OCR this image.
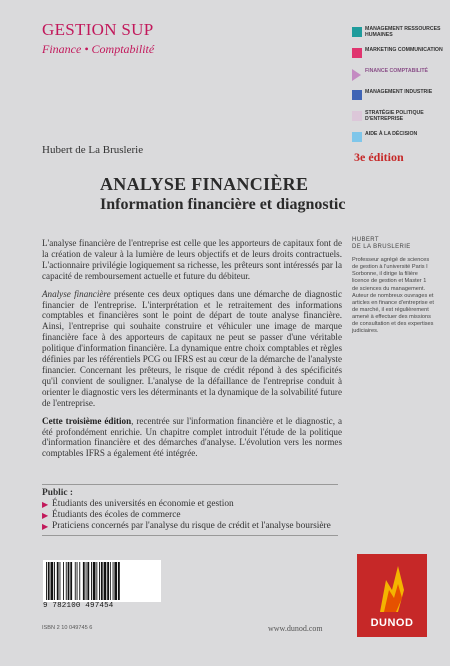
GESTION SUP
Finance • Comptabilité
MANAGEMENT RESSOURCES HUMAINES
MARKETING COMMUNICATION
FINANCE COMPTABILITÉ
MANAGEMENT INDUSTRIE
STRATÉGIE POLITIQUE D'ENTREPRISE
AIDE À LA DÉCISION
Hubert de La Bruslerie	3e édition
ANALYSE FINANCIÈRE
Information financière et diagnostic

L'analyse financière de l'entreprise est celle que les apporteurs de capitaux font de la création de valeur à la lumière de leurs objectifs et de leurs droits contractuels. L'actionnaire privilégie logiquement sa richesse, les prêteurs sont intéressés par la capacité de remboursement actuelle et future du débiteur.

Analyse financière présente ces deux optiques dans une démarche de diagnostic financier de l'entreprise. L'interprétation et le retraitement des informations comptables et financières sont le point de départ de toute analyse financière. Ainsi, l'entreprise qui souhaite construire et véhiculer une image de marque financière face à des apporteurs de capitaux ne peut se passer d'une véritable politique d'information financière. La dynamique entre choix comptables et règles définies par les référentiels PCG ou IFRS est au cœur de la démarche de l'analyste financier. Concernant les prêteurs, le risque de crédit répond à des spécificités qu'il convient de souligner. L'analyse de la défaillance de l'entreprise conduit à orienter le diagnostic vers les déterminants et la dynamique de la solvabilité future de l'entreprise.

Cette troisième édition, recentrée sur l'information financière et le diagnostic, a été profondément enrichie. Un chapitre complet introduit l'étude de la politique d'information financière et des démarches d'analyse. L'évolution vers les normes comptables IFRS a également été intégrée.

HUBERT
DE LA BRUSLERIE
Professeur agrégé de sciences de gestion à l'université Paris I Sorbonne, il dirige la filière licence de gestion et Master 1 de sciences du management. Auteur de nombreux ouvrages et articles en finance d'entreprise et de marché, il est régulièrement amené à effectuer des missions de consultation et des expertises judiciaires.
Public :
▶ Étudiants des universités en économie et gestion
▶ Étudiants des écoles de commerce
▶ Praticiens concernés par l'analyse du risque de crédit et l'analyse boursière
9 782100 497454
ISBN 2 10 049745 6	www.dunod.com	DUNOD
